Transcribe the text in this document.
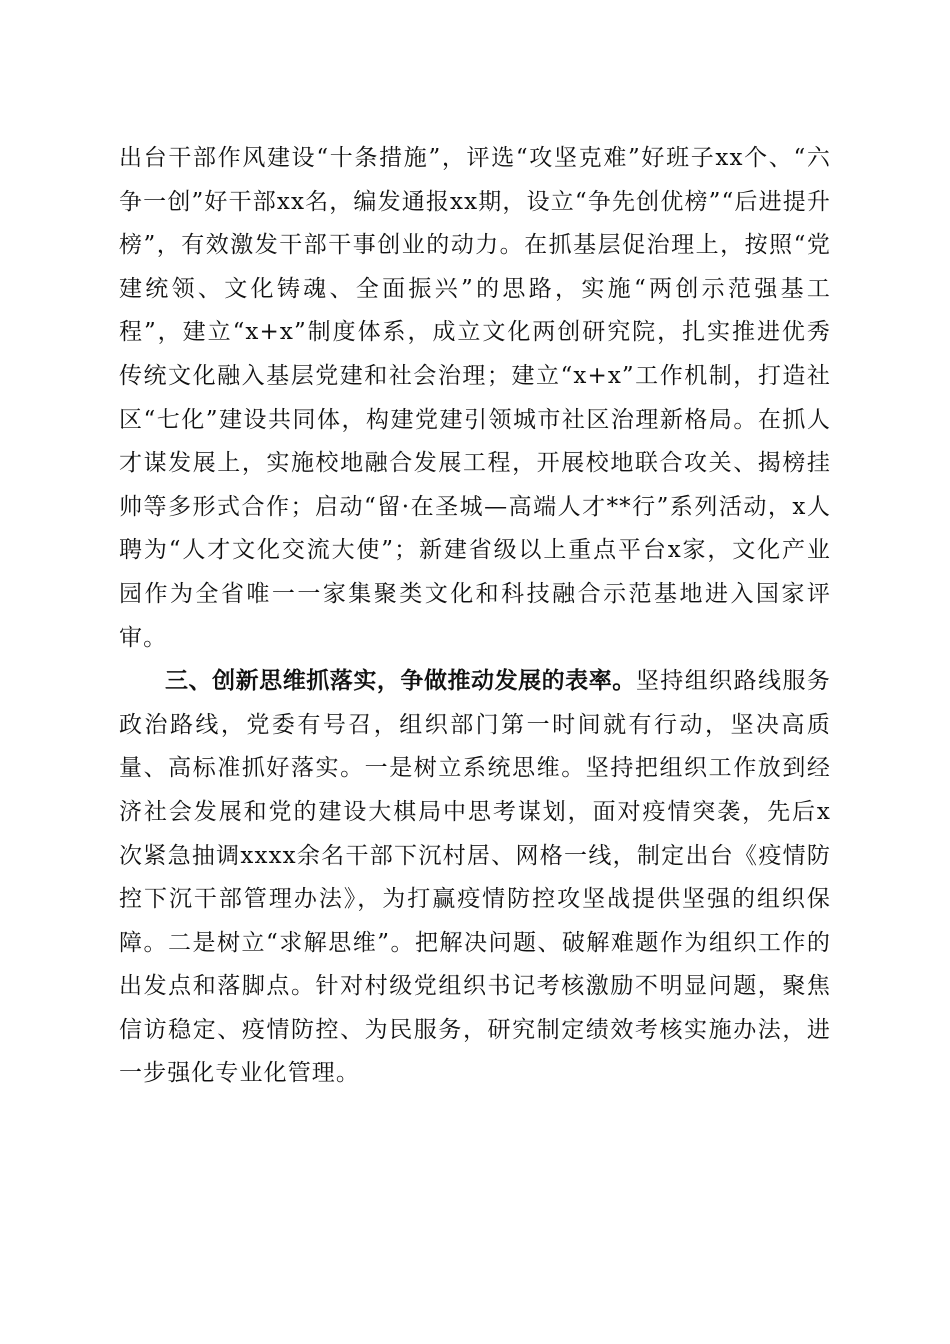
出台干部作风建设“十条措施”，评选“攻坚克难”好班子xx个、“六争一创”好干部xx名，编发通报xx期，设立“争先创优榜”“后进提升榜”，有效激发干部干事创业的动力。在抓基层促治理上，按照“党建统领、文化铸魂、全面振兴”的思路，实施“两创示范强基工程”，建立“x+x”制度体系，成立文化两创研究院，扎实推进优秀传统文化融入基层党建和社会治理；建立“x+x”工作机制，打造社区“七化”建设共同体，构建党建引领城市社区治理新格局。在抓人才谋发展上，实施校地融合发展工程，开展校地联合攻关、揭榜挂帅等多形式合作；启动“留·在圣城—高端人才**行”系列活动，x人聘为“人才文化交流大使”；新建省级以上重点平台x家，文化产业园作为全省唯一一家集聚类文化和科技融合示范基地进入国家评审。

三、创新思维抓落实，争做推动发展的表率。坚持组织路线服务政治路线，党委有号召，组织部门第一时间就有行动，坚决高质量、高标准抓好落实。一是树立系统思维。坚持把组织工作放到经济社会发展和党的建设大棋局中思考谋划，面对疫情突袭，先后x次紧急抽调xxxx余名干部下沉村居、网格一线，制定出台《疫情防控下沉干部管理办法》，为打赢疫情防控攻坚战提供坚强的组织保障。二是树立“求解思维”。把解决问题、破解难题作为组织工作的出发点和落脚点。针对村级党组织书记考核激励不明显问题，聚焦信访稳定、疫情防控、为民服务，研究制定绩效考核实施办法，进一步强化专业化管理。
